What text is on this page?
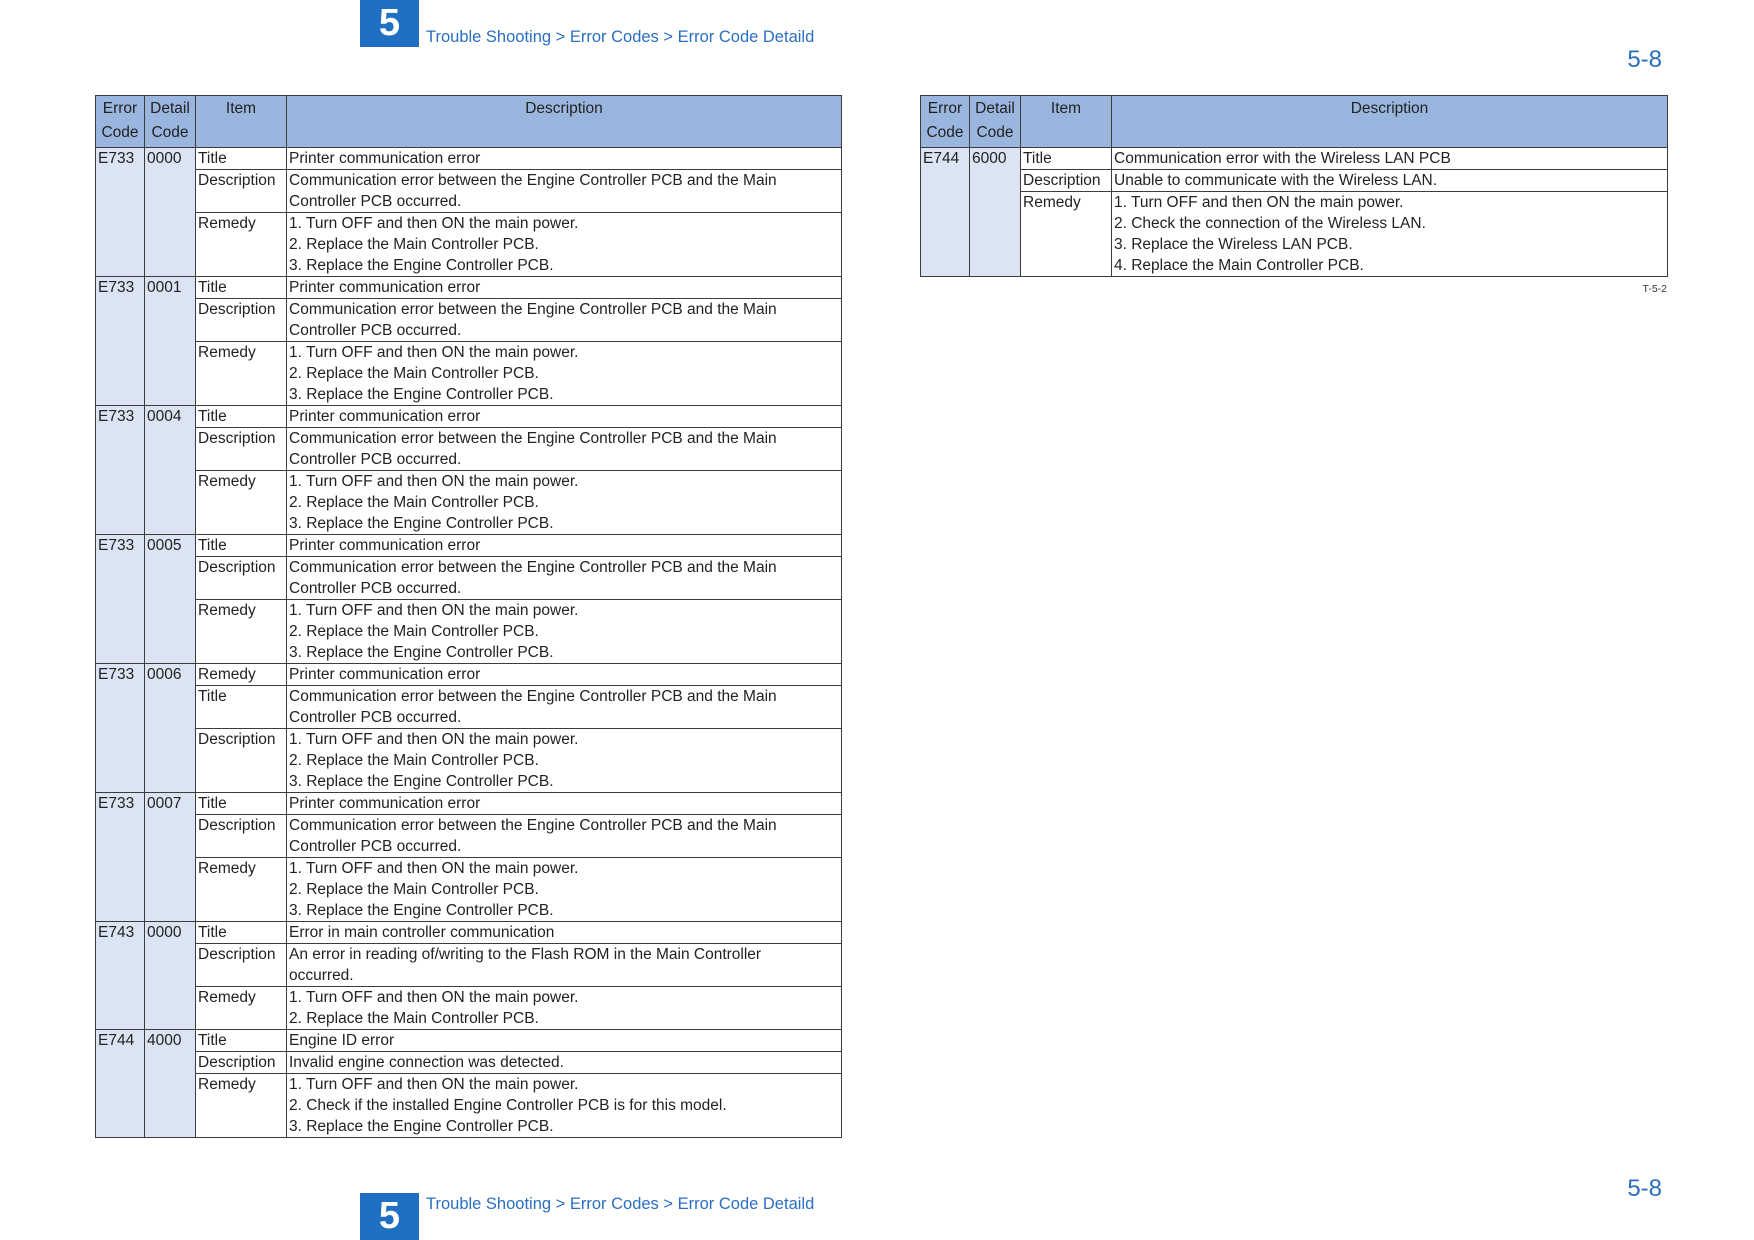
5	Trouble Shooting > Error Codes > Error Code Detaild
5-8
Error
Code	Detail
Code	Item	Description
E733	0000	Title	Printer communication error

		Description	Communication error between the Engine Controller PCB and the Main
Controller PCB occurred.

		Remedy	1. Turn OFF and then ON the main power.
2. Replace the Main Controller PCB.
3. Replace the Engine Controller PCB.

E733	0001	Title	Printer communication error

		Description	Communication error between the Engine Controller PCB and the Main
Controller PCB occurred.

		Remedy	1. Turn OFF and then ON the main power.
2. Replace the Main Controller PCB.
3. Replace the Engine Controller PCB.

E733	0004	Title	Printer communication error

		Description	Communication error between the Engine Controller PCB and the Main
Controller PCB occurred.

		Remedy	1. Turn OFF and then ON the main power.
2. Replace the Main Controller PCB.
3. Replace the Engine Controller PCB.

E733	0005	Title	Printer communication error

		Description	Communication error between the Engine Controller PCB and the Main
Controller PCB occurred.

		Remedy	1. Turn OFF and then ON the main power.
2. Replace the Main Controller PCB.
3. Replace the Engine Controller PCB.

E733	0006	Remedy	Printer communication error

		Title	Communication error between the Engine Controller PCB and the Main
Controller PCB occurred.

		Description	1. Turn OFF and then ON the main power.
2. Replace the Main Controller PCB.
3. Replace the Engine Controller PCB.

E733	0007	Title	Printer communication error

		Description	Communication error between the Engine Controller PCB and the Main
Controller PCB occurred.

		Remedy	1. Turn OFF and then ON the main power.
2. Replace the Main Controller PCB.
3. Replace the Engine Controller PCB.

E743	0000	Title	Error in main controller communication

		Description	An error in reading of/writing to the Flash ROM in the Main Controller
occurred.

		Remedy	1. Turn OFF and then ON the main power.
2. Replace the Main Controller PCB.

E744	4000	Title	Engine ID error

		Description	Invalid engine connection was detected.

		Remedy	1. Turn OFF and then ON the main power.
2. Check if the installed Engine Controller PCB is for this model.
3. Replace the Engine Controller PCB.
Error
Code	Detail
Code	Item	Description
E744	6000	Title	Communication error with the Wireless LAN PCB

		Description	Unable to communicate with the Wireless LAN.

		Remedy	1. Turn OFF and then ON the main power.
2. Check the connection of the Wireless LAN.
3. Replace the Wireless LAN PCB.
4. Replace the Main Controller PCB.
T-5-2
5-8
5	Trouble Shooting > Error Codes > Error Code Detaild
